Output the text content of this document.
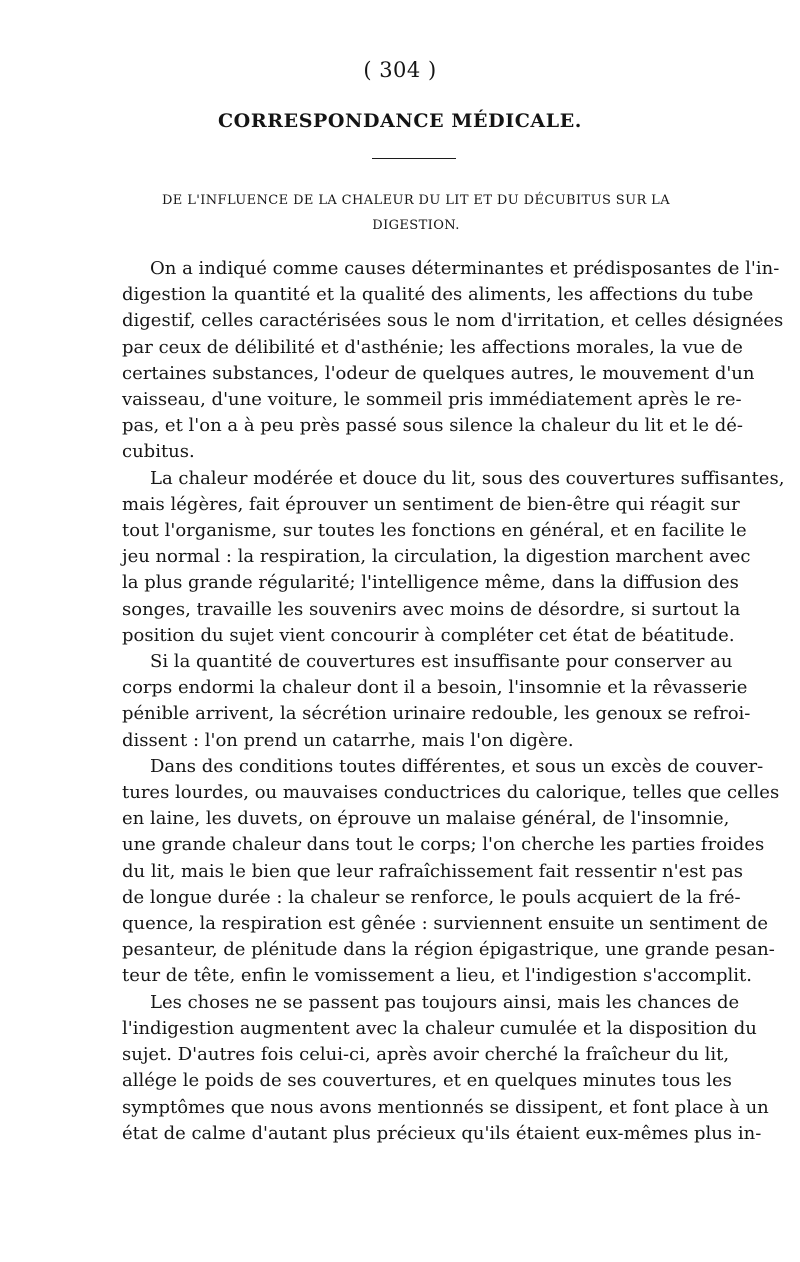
( 304 )
CORRESPONDANCE MÉDICALE.
DE L'INFLUENCE DE LA CHALEUR DU LIT ET DU DÉCUBITUS SUR LA
DIGESTION.
On a indiqué comme causes déterminantes et prédisposantes de l'in-
digestion la quantité et la qualité des aliments, les affections du tube
digestif, celles caractérisées sous le nom d'irritation, et celles désignées
par ceux de délibilité et d'asthénie; les affections morales, la vue de
certaines substances, l'odeur de quelques autres, le mouvement d'un
vaisseau, d'une voiture, le sommeil pris immédiatement après le re-
pas, et l'on a à peu près passé sous silence la chaleur du lit et le dé-
cubitus.
La chaleur modérée et douce du lit, sous des couvertures suffisantes,
mais légères, fait éprouver un sentiment de bien-être qui réagit sur
tout l'organisme, sur toutes les fonctions en général, et en facilite le
jeu normal : la respiration, la circulation, la digestion marchent avec
la plus grande régularité; l'intelligence même, dans la diffusion des
songes, travaille les souvenirs avec moins de désordre, si surtout la
position du sujet vient concourir à compléter cet état de béatitude.
Si la quantité de couvertures est insuffisante pour conserver au
corps endormi la chaleur dont il a besoin, l'insomnie et la rêvasserie
pénible arrivent, la sécrétion urinaire redouble, les genoux se refroi-
dissent : l'on prend un catarrhe, mais l'on digère.
Dans des conditions toutes différentes, et sous un excès de couver-
tures lourdes, ou mauvaises conductrices du calorique, telles que celles
en laine, les duvets, on éprouve un malaise général, de l'insomnie,
une grande chaleur dans tout le corps; l'on cherche les parties froides
du lit, mais le bien que leur rafraîchissement fait ressentir n'est pas
de longue durée : la chaleur se renforce, le pouls acquiert de la fré-
quence, la respiration est gênée : surviennent ensuite un sentiment de
pesanteur, de plénitude dans la région épigastrique, une grande pesan-
teur de tête, enfin le vomissement a lieu, et l'indigestion s'accomplit.
Les choses ne se passent pas toujours ainsi, mais les chances de
l'indigestion augmentent avec la chaleur cumulée et la disposition du
sujet. D'autres fois celui-ci, après avoir cherché la fraîcheur du lit,
allége le poids de ses couvertures, et en quelques minutes tous les
symptômes que nous avons mentionnés se dissipent, et font place à un
état de calme d'autant plus précieux qu'ils étaient eux-mêmes plus in-
